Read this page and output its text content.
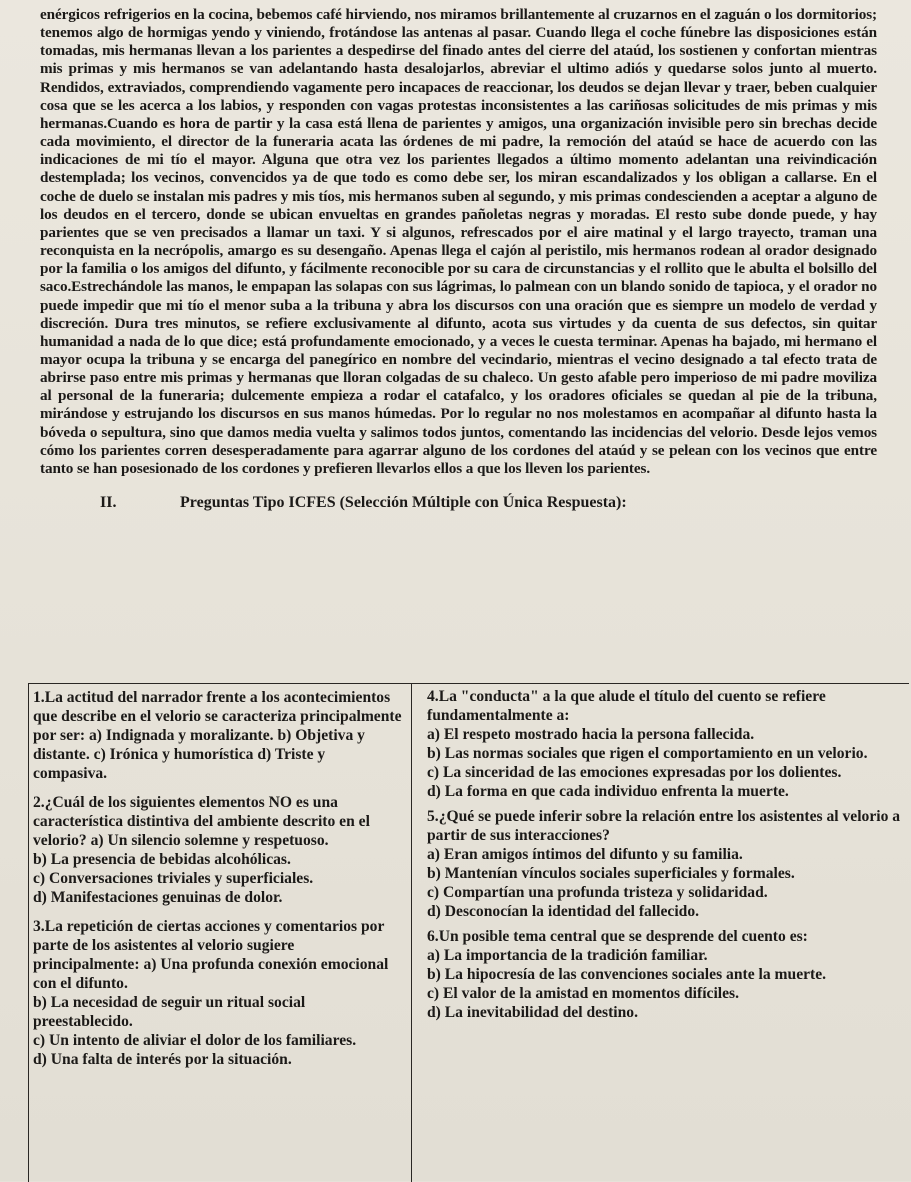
enérgicos refrigerios en la cocina, bebemos café hirviendo, nos miramos brillantemente al cruzarnos en el zaguán o los dormitorios; tenemos algo de hormigas yendo y viniendo, frotándose las antenas al pasar. Cuando llega el coche fúnebre las disposiciones están tomadas, mis hermanas llevan a los parientes a despedirse del finado antes del cierre del ataúd, los sostienen y confortan mientras mis primas y mis hermanos se van adelantando hasta desalojarlos, abreviar el ultimo adiós y quedarse solos junto al muerto. Rendidos, extraviados, comprendiendo vagamente pero incapaces de reaccionar, los deudos se dejan llevar y traer, beben cualquier cosa que se les acerca a los labios, y responden con vagas protestas inconsistentes a las cariñosas solicitudes de mis primas y mis hermanas.Cuando es hora de partir y la casa está llena de parientes y amigos, una organización invisible pero sin brechas decide cada movimiento, el director de la funeraria acata las órdenes de mi padre, la remoción del ataúd se hace de acuerdo con las indicaciones de mi tío el mayor. Alguna que otra vez los parientes llegados a último momento adelantan una reivindicación destemplada; los vecinos, convencidos ya de que todo es como debe ser, los miran escandalizados y los obligan a callarse. En el coche de duelo se instalan mis padres y mis tíos, mis hermanos suben al segundo, y mis primas condescienden a aceptar a alguno de los deudos en el tercero, donde se ubican envueltas en grandes pañoletas negras y moradas. El resto sube donde puede, y hay parientes que se ven precisados a llamar un taxi. Y si algunos, refrescados por el aire matinal y el largo trayecto, traman una reconquista en la necrópolis, amargo es su desengaño. Apenas llega el cajón al peristilo, mis hermanos rodean al orador designado por la familia o los amigos del difunto, y fácilmente reconocible por su cara de circunstancias y el rollito que le abulta el bolsillo del saco.Estrechándole las manos, le empapan las solapas con sus lágrimas, lo palmean con un blando sonido de tapioca, y el orador no puede impedir que mi tío el menor suba a la tribuna y abra los discursos con una oración que es siempre un modelo de verdad y discreción. Dura tres minutos, se refiere exclusivamente al difunto, acota sus virtudes y da cuenta de sus defectos, sin quitar humanidad a nada de lo que dice; está profundamente emocionado, y a veces le cuesta terminar. Apenas ha bajado, mi hermano el mayor ocupa la tribuna y se encarga del panegírico en nombre del vecindario, mientras el vecino designado a tal efecto trata de abrirse paso entre mis primas y hermanas que lloran colgadas de su chaleco. Un gesto afable pero imperioso de mi padre moviliza al personal de la funeraria; dulcemente empieza a rodar el catafalco, y los oradores oficiales se quedan al pie de la tribuna, mirándose y estrujando los discursos en sus manos húmedas. Por lo regular no nos molestamos en acompañar al difunto hasta la bóveda o sepultura, sino que damos media vuelta y salimos todos juntos, comentando las incidencias del velorio. Desde lejos vemos cómo los parientes corren desesperadamente para agarrar alguno de los cordones del ataúd y se pelean con los vecinos que entre tanto se han posesionado de los cordones y prefieren llevarlos ellos a que los lleven los parientes.

II.	Preguntas Tipo ICFES (Selección Múltiple con Única Respuesta):

1.La actitud del narrador frente a los acontecimientos que describe en el velorio se caracteriza principalmente por ser: a) Indignada y moralizante. b) Objetiva y distante. c) Irónica y humorística d) Triste y compasiva.

2.¿Cuál de los siguientes elementos NO es una característica distintiva del ambiente descrito en el velorio? a) Un silencio solemne y respetuoso.

b) La presencia de bebidas alcohólicas.

c) Conversaciones triviales y superficiales.

d) Manifestaciones genuinas de dolor.

3.La repetición de ciertas acciones y comentarios por parte de los asistentes al velorio sugiere principalmente: a) Una profunda conexión emocional con el difunto.

b) La necesidad de seguir un ritual social preestablecido.

c) Un intento de aliviar el dolor de los familiares.

d) Una falta de interés por la situación.

4.La "conducta" a la que alude el título del cuento se refiere fundamentalmente a:

a) El respeto mostrado hacia la persona fallecida.

b) Las normas sociales que rigen el comportamiento en un velorio.

c) La sinceridad de las emociones expresadas por los dolientes.

d) La forma en que cada individuo enfrenta la muerte.

5.¿Qué se puede inferir sobre la relación entre los asistentes al velorio a partir de sus interacciones?

a) Eran amigos íntimos del difunto y su familia.

b) Mantenían vínculos sociales superficiales y formales.

c) Compartían una profunda tristeza y solidaridad.

d) Desconocían la identidad del fallecido.

6.Un posible tema central que se desprende del cuento es:

a) La importancia de la tradición familiar.

b) La hipocresía de las convenciones sociales ante la muerte.

c) El valor de la amistad en momentos difíciles.

d) La inevitabilidad del destino.
